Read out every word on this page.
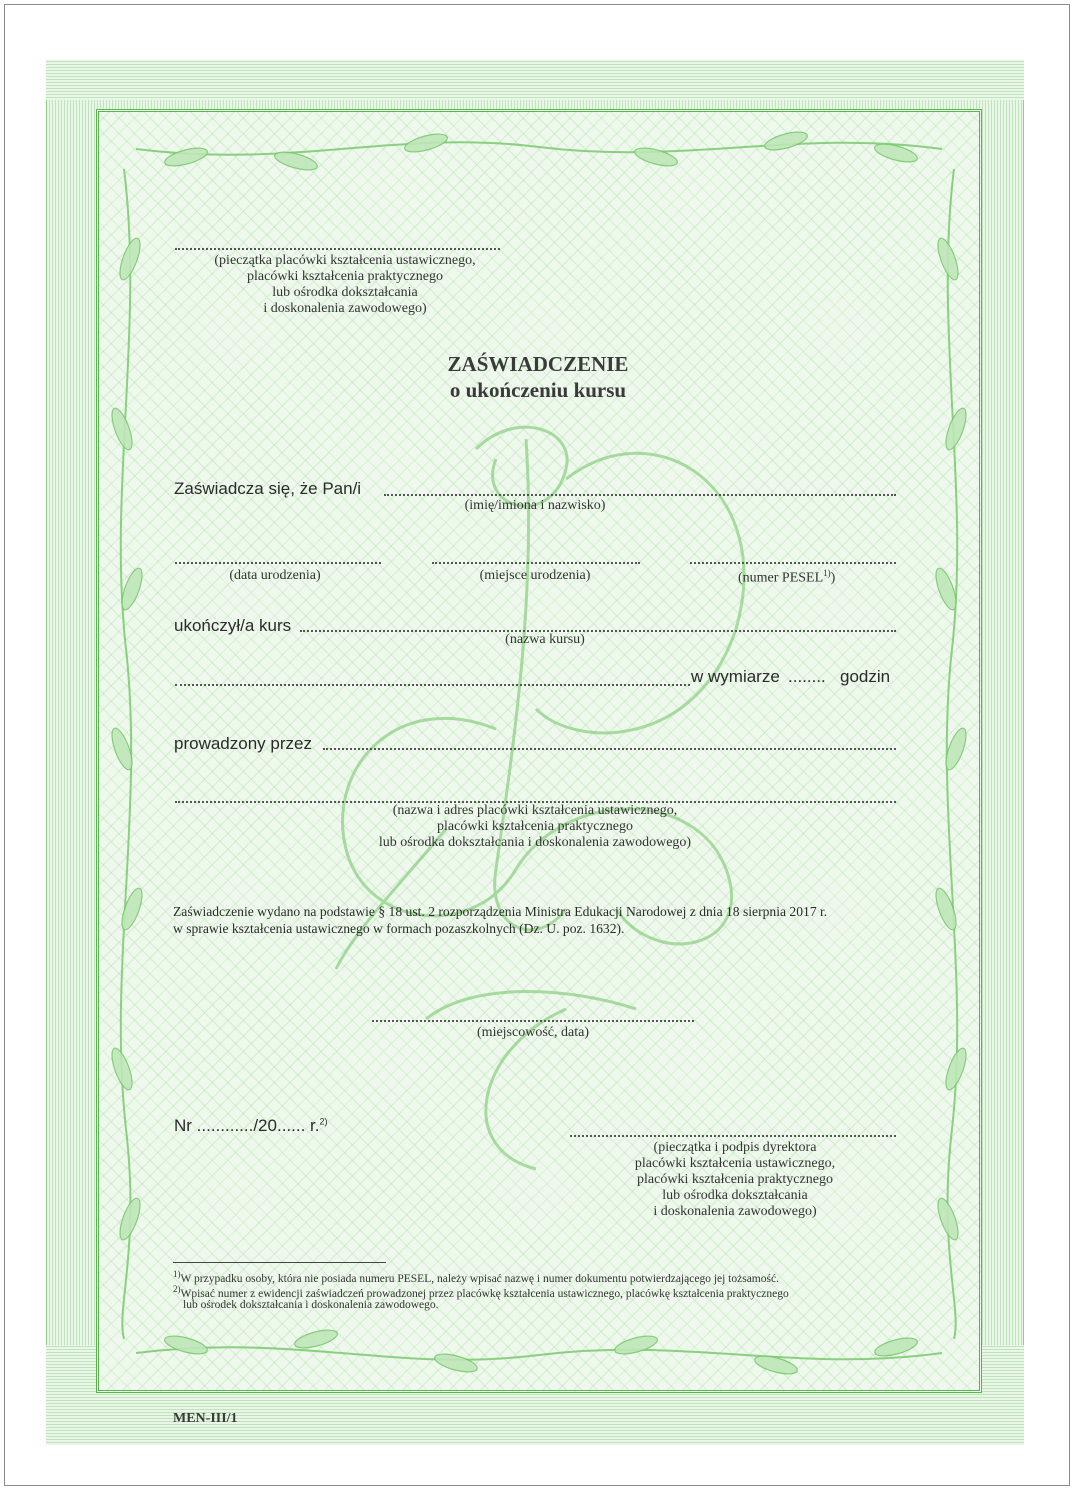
(pieczątka placówki kształcenia ustawicznego,
placówki kształcenia praktycznego
lub ośrodka dokształcania
i doskonalenia zawodowego)
ZAŚWIADCZENIE
o ukończeniu kursu
Zaświadcza się, że Pan/i
(imię/imiona i nazwisko)
(data urodzenia)	(miejsce urodzenia)	(numer PESEL$^{1)}$)
ukończył/a kurs
(nazwa kursu)
w wymiarze ........ godzin
prowadzony przez
(nazwa i adres placówki kształcenia ustawicznego,
placówki kształcenia praktycznego
lub ośrodka dokształcania i doskonalenia zawodowego)
Zaświadczenie wydano na podstawie § 18 ust. 2 rozporządzenia Ministra Edukacji Narodowej z dnia 18 sierpnia 2017 r.
w sprawie kształcenia ustawicznego w formach pozaszkolnych (Dz. U. poz. 1632).
(miejscowość, data)
Nr ............/20...... r.$^{2)}$
(pieczątka i podpis dyrektora
placówki kształcenia ustawicznego,
placówki kształcenia praktycznego
lub ośrodka dokształcania
i doskonalenia zawodowego)
$^{1)}$W przypadku osoby, która nie posiada numeru PESEL, należy wpisać nazwę i numer dokumentu potwierdzającego jej tożsamość.
$^{2)}$Wpisać numer z ewidencji zaświadczeń prowadzonej przez placówkę kształcenia ustawicznego, placówkę kształcenia praktycznego
lub ośrodek dokształcania i doskonalenia zawodowego.
MEN-III/1
